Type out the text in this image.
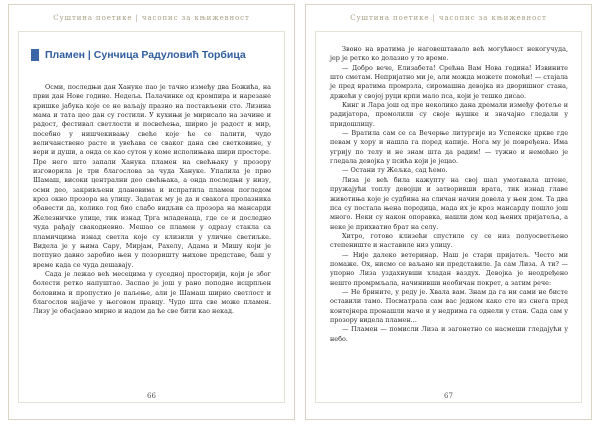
Суштина поетике | часопис за књижевност
Пламен | Сунчица Радуловић Торбица

Осми, последњи дан Хануке пао је тачно између два Божића, на први дан Нове године. Недеља. Палачинке од кромпира и нарезане кришке јабука које се не ваљају празно на постављени сто. Лизина мама и тата цео дан су гостили. У кухињи је мирисало на зачине и радост, фестивал светлости и посвећења, ширио је радост и мир, посебно у нишчекивању свеће које ће се палити, чудо величанствено расте и увећава се сваког дана све светковине, у вери и души, а онда се као сутон у коме исполињава шири просторе. Пре него што запали Ханука пламен на свећњаку у прозору изговорила је три благослова за чуда Хануке. Упалила је прво Шамаш, високи централни део свећњака, а онда последњи у низу, осми део, закривљени длановима и испратила пламен погледом кроз окно прозора на улицу. Задатак му је да и свакога пролазника обавести да, колико год био слабо видљив са прозора на мансарди Железничке улице, тик изнад Трга младенаца, где се и доследно чуда рађају свакодневно. Мешао се пламен у одразу стакла са пламичцима изнад светла које су клизили у уличне светиљке. Видела је у њима Сару, Мирјам, Рахелу, Адама и Мишу који је потпуно давно заробио њен у позоришту њихове представе, баш у време када се чуда дешавају.

Сада је лежао већ месецима у суседној просторији, који је због болести ретко напуштао. Заспао је још у рано поподне исцрпљен боловима и пропустио је паљење, али је Шамаш ширио светлост и благослов најјаче у његовом правцу. Чудо шта све може пламен. Лизу је обасјавао мирно и надом да ће све бити као некад.

66
Суштина поетике | часопис за књижевност

Звоно на вратима је наговештавало већ могућност некогучуда, јер је ретко ко долазио у то време.

— Добро вече, Елизабета! Срећна Вам Нова година! Извините што сметам. Непријатно ми је, али можда можете помоћи! — стајала је пред вратима промрзла, сиромашна девојка из дворишног стана, држећи у својој руци крпи мало пса, који је тешко дисао.

Кинг и Лара још од пре неколико дана дремали између фотеље и радијатора, промолили су своје њушке и значајно гледали у придошлицу.

— Вратила сам се са Вечерње литургије из Успенске цркве где певам у хору и нашла га поред капије. Нога му је повређена. Има угрију по телу и не знам шта да радим! — тужно и немоћно је гледала девојка у псића који је јецао.

— Остани ту Жељка, сад ћемо.

Лиза је већ била кажупту на свој шал умотавала штене, пружајући топлу девојци и затворивши врата, тик изнад главе животиња које је судбина на сличан начин довела у њен дом. Та два пса су постала њена породица, мада их је кроз мансарду пошло још много. Неки су након опоравка, нашли дом код њених пријатеља, а неке је прихватио брат на селу.

Хитро, готово клизећи спустиле су се низ полуосветљено степениште и наставиле низ улицу.

— Није далеко ветеринар. Наш је стари пријатељ. Често ми помаже. Ох, нисмо се ваљано ни представиле. Ја сам Лиза. А ти? — упорно Лиза уздахнувши хладан ваздух. Девојка је неодређено нешто промрмљала, начинивши необичан покрет, а затим рече:

— Не брините, у реду је. Хвала вам. Знам да га ни сами не бисте оставили тамо. Посматрала сам вас једном како сте из снега пред контејнера пронашли маче и у недрима га однели у стан. Сада сам у прозору видела пламен...

— Пламен — помисли Лиза и загонетно се насмеши гледајући у небо.

67
